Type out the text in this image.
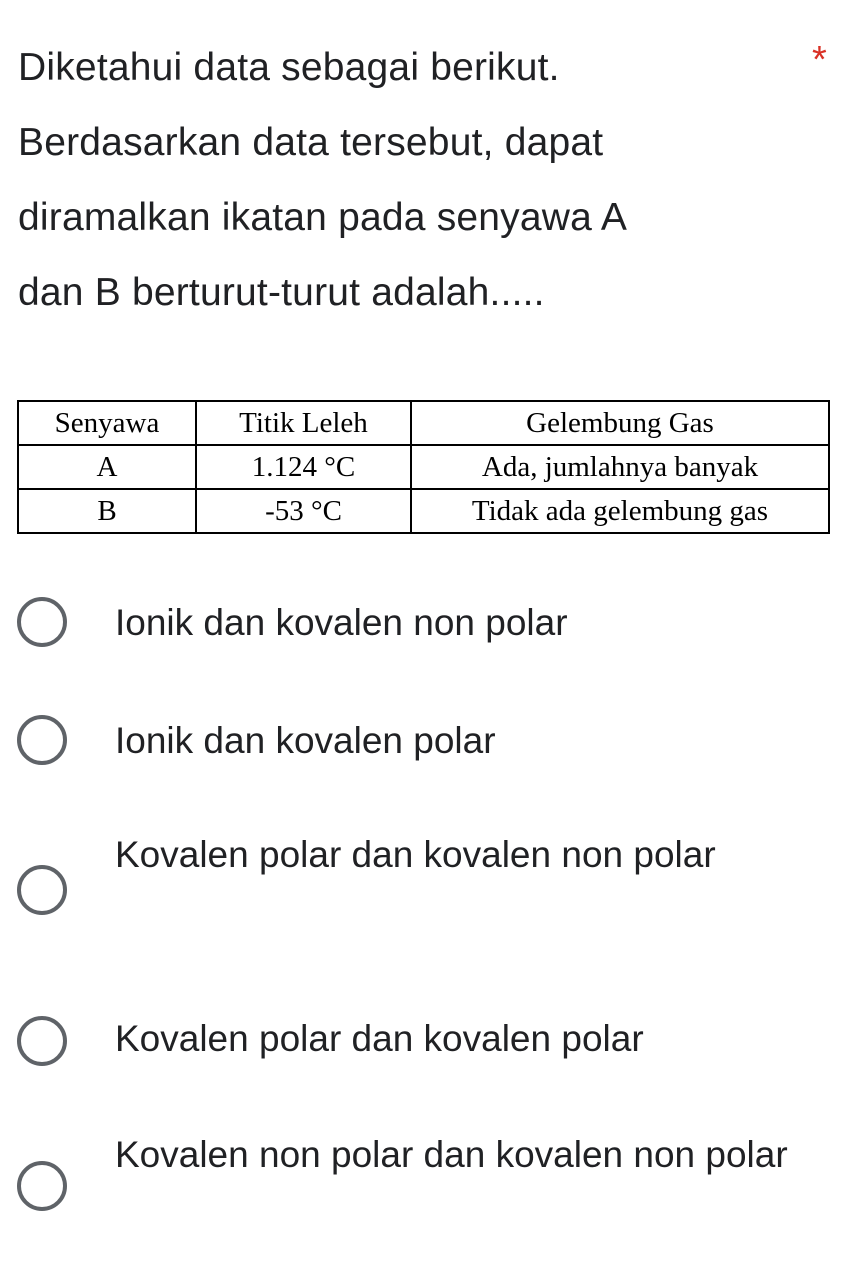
Diketahui data sebagai berikut.

Berdasarkan data tersebut, dapat

diramalkan ikatan pada senyawa A

dan B berturut-turut adalah.....

*
Senyawa	Titik Leleh	Gelembung Gas
A	1.124 °C	Ada, jumlahnya banyak
B	-53 °C	Tidak ada gelembung gas
Ionik dan kovalen non polar
Ionik dan kovalen polar
Kovalen polar dan kovalen non polar
Kovalen polar dan kovalen polar
Kovalen non polar dan kovalen non polar
